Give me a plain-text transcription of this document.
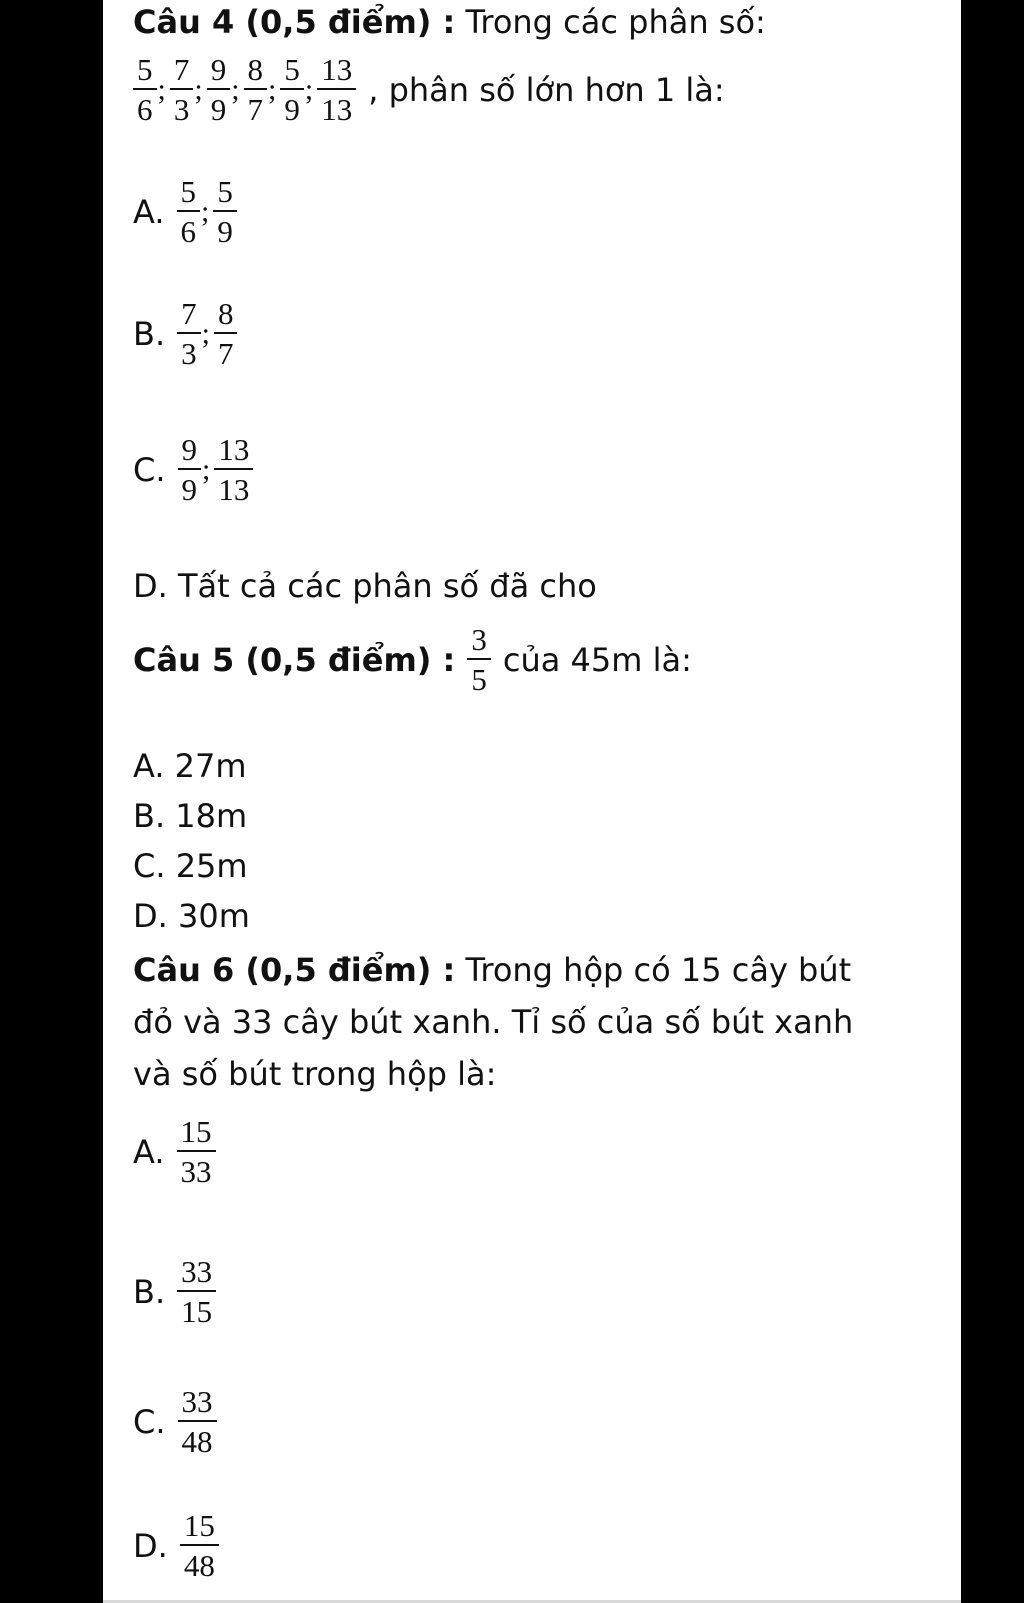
Câu 4 (0,5 điểm) : Trong các phân số:
$\frac{5}{6}$ ; $\frac{7}{3}$ ; $\frac{9}{9}$ ; $\frac{8}{7}$ ; $\frac{5}{9}$ ; $\frac{13}{13}$ , phân số lớn hơn 1 là:
A. $\frac{5}{6}$ ; $\frac{5}{9}$
B. $\frac{7}{3}$ ; $\frac{8}{7}$
C. $\frac{9}{9}$ ; $\frac{13}{13}$
D. Tất cả các phân số đã cho
Câu 5 (0,5 điểm) : $\frac{3}{5}$ của 45m là:
A. 27m
B. 18m
C. 25m
D. 30m
Câu 6 (0,5 điểm) : Trong hộp có 15 cây bút
đỏ và 33 cây bút xanh. Tỉ số của số bút xanh
và số bút trong hộp là:
A. $\frac{15}{33}$
B. $\frac{33}{15}$
C. $\frac{33}{48}$
D. $\frac{15}{48}$
